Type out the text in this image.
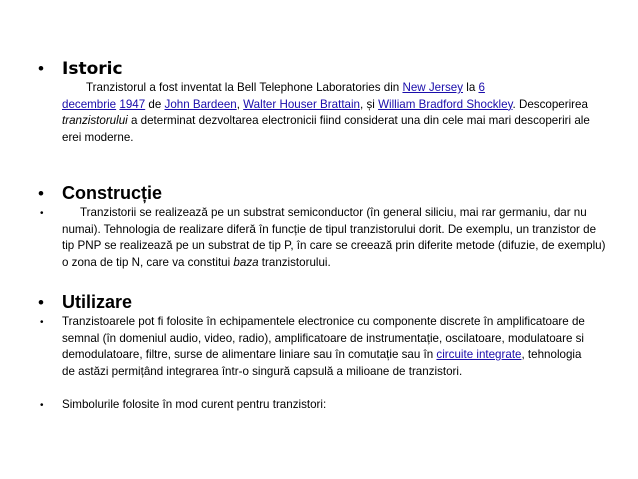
• Istoric
Tranzistorul a fost inventat la Bell Telephone Laboratories din New Jersey la 6
decembrie 1947 de John Bardeen, Walter Houser Brattain, și William Bradford Shockley. Descoperirea tranzistorului a determinat dezvoltarea electronicii fiind considerat una din cele mai mari descoperiri ale erei moderne.
• Construcție
•	Tranzistorii se realizează pe un substrat semiconductor (în general siliciu, mai rar germaniu, dar nu numai). Tehnologia de realizare diferă în funcție de tipul tranzistorului dorit. De exemplu, un tranzistor de tip PNP se realizează pe un substrat de tip P, în care se creează prin diferite metode (difuzie, de exemplu) o zona de tip N, care va constitui baza tranzistorului.
• Utilizare
• Tranzistoarele pot fi folosite în echipamentele electronice cu componente discrete în amplificatoare de semnal (în domeniul audio, video, radio), amplificatoare de instrumentație, oscilatoare, modulatoare si demodulatoare, filtre, surse de alimentare liniare sau în comutație sau în circuite integrate, tehnologia de astăzi permițând integrarea într-o singură capsulă a milioane de tranzistori.
• Simbolurile folosite în mod curent pentru tranzistori:
